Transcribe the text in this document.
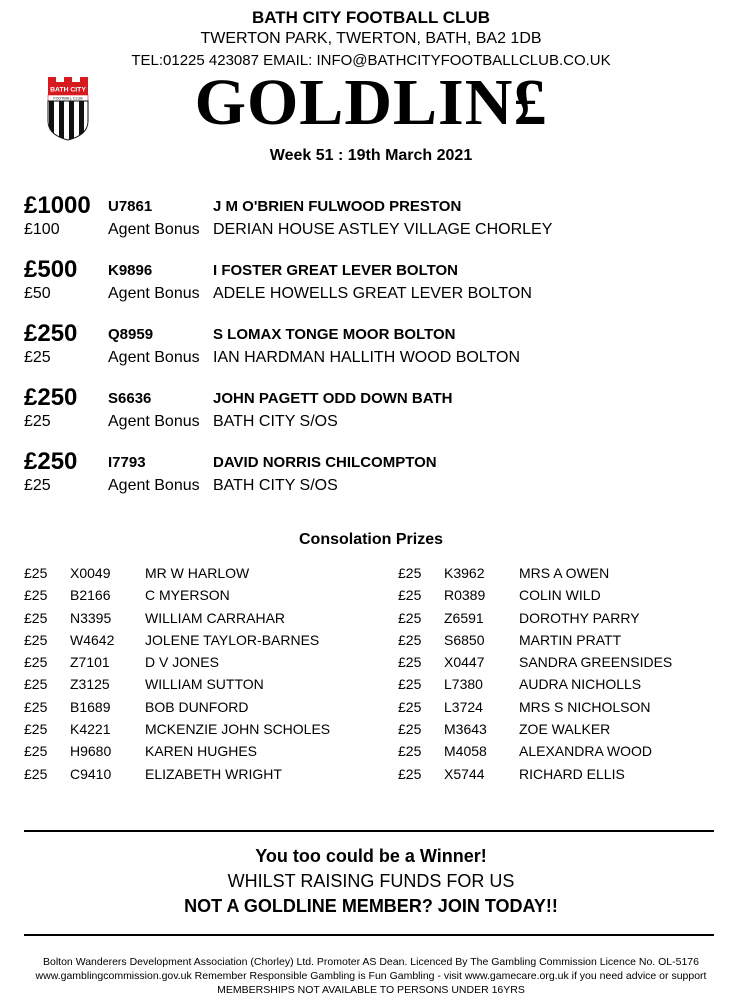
BATH CITY FOOTBALL CLUB
TWERTON PARK, TWERTON, BATH, BA2 1DB
TEL:01225 423087 EMAIL: INFO@BATHCITYFOOTBALLCLUB.CO.UK
BATH CITY
FOOTBALL CLUB	GOLDLIN£
Week 51 : 19th March 2021
£1000 U7861	J M O'BRIEN FULWOOD PRESTON
£100	Agent Bonus DERIAN HOUSE ASTLEY VILLAGE CHORLEY
£500 K9896	I FOSTER GREAT LEVER BOLTON
£50	Agent Bonus ADELE HOWELLS GREAT LEVER BOLTON
£250 Q8959	S LOMAX TONGE MOOR BOLTON
£25	Agent Bonus IAN HARDMAN HALLITH WOOD BOLTON
£250 S6636	JOHN PAGETT ODD DOWN BATH
£25	Agent Bonus BATH CITY S/OS
£250 I7793	DAVID NORRIS CHILCOMPTON
£25	Agent Bonus BATH CITY S/OS
Consolation Prizes
£25 X0049 MR W HARLOW
£25 B2166 C MYERSON
£25 N3395 WILLIAM CARRAHAR
£25 W4642 JOLENE TAYLOR-BARNES
£25 Z7101	D V JONES
£25 Z3125	WILLIAM SUTTON
£25 B1689 BOB DUNFORD
£25 K4221 MCKENZIE JOHN SCHOLES
£25 H9680 KAREN HUGHES
£25 C9410 ELIZABETH WRIGHT
£25 K3962 MRS A OWEN
£25 R0389 COLIN WILD
£25 Z6591	DOROTHY PARRY
£25 S6850 MARTIN PRATT
£25 X0447 SANDRA GREENSIDES
£25 L7380	AUDRA NICHOLLS
£25 L3724	MRS S NICHOLSON
£25 M3643 ZOE WALKER
£25 M4058 ALEXANDRA WOOD
£25 X5744 RICHARD ELLIS
You too could be a Winner!
WHILST RAISING FUNDS FOR US
NOT A GOLDLINE MEMBER? JOIN TODAY!!
Bolton Wanderers Development Association (Chorley) Ltd. Promoter AS Dean. Licenced By The Gambling Commission Licence No. OL-5176
www.gamblingcommission.gov.uk Remember Responsible Gambling is Fun Gambling - visit www.gamecare.org.uk if you need advice or support
MEMBERSHIPS NOT AVAILABLE TO PERSONS UNDER 16YRS
